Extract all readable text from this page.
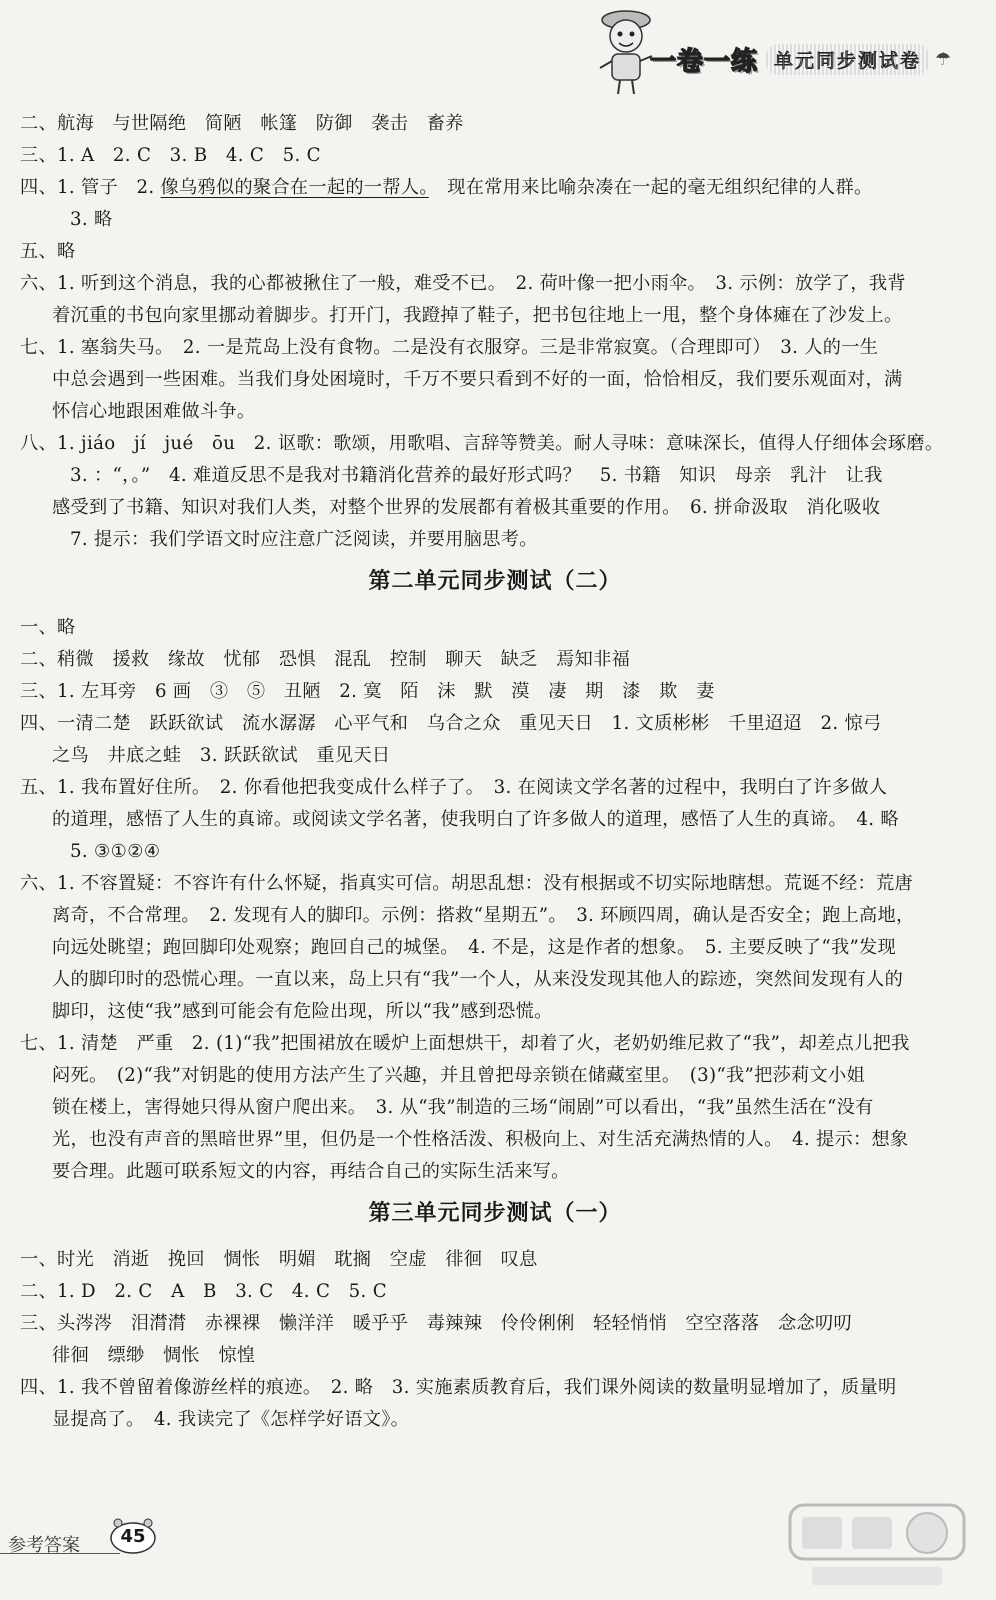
一卷一练 单元同步测试卷 ☂
二、航海　与世隔绝　简陋　帐篷　防御　袭击　畜养
三、1. A　2. C　3. B　4. C　5. C
四、1. 管子　2. 像乌鸦似的聚合在一起的一帮人。　现在常用来比喻杂凑在一起的毫无组织纪律的人群。
3. 略
五、略
六、1. 听到这个消息，我的心都被揪住了一般，难受不已。　2. 荷叶像一把小雨伞。　3. 示例：放学了，我背
着沉重的书包向家里挪动着脚步。打开门，我蹬掉了鞋子，把书包往地上一甩，整个身体瘫在了沙发上。
七、1. 塞翁失马。　2. 一是荒岛上没有食物。二是没有衣服穿。三是非常寂寞。（合理即可）　3. 人的一生
中总会遇到一些困难。当我们身处困境时，千万不要只看到不好的一面，恰恰相反，我们要乐观面对，满
怀信心地跟困难做斗争。
八、1. jiáo　jí　jué　ōu　2. 讴歌：歌颂，用歌唱、言辞等赞美。耐人寻味：意味深长，值得人仔细体会琢磨。
3. ：“，。”　4. 难道反思不是我对书籍消化营养的最好形式吗？　5. 书籍　知识　母亲　乳汁　让我
感受到了书籍、知识对我们人类，对整个世界的发展都有着极其重要的作用。　6. 拼命汲取　消化吸收
7. 提示：我们学语文时应注意广泛阅读，并要用脑思考。
第二单元同步测试（二）
一、略
二、稍微　援救　缘故　忧郁　恐惧　混乱　控制　聊天　缺乏　焉知非福
三、1. 左耳旁　6 画　③　⑤　丑陋　2. 寞　陌　沫　默　漠　凄　期　漆　欺　妻
四、一清二楚　跃跃欲试　流水潺潺　心平气和　乌合之众　重见天日　1. 文质彬彬　千里迢迢　2. 惊弓
之鸟　井底之蛙　3. 跃跃欲试　重见天日
五、1. 我布置好住所。　2. 你看他把我变成什么样子了。　3. 在阅读文学名著的过程中，我明白了许多做人
的道理，感悟了人生的真谛。或阅读文学名著，使我明白了许多做人的道理，感悟了人生的真谛。　4. 略
5. ③①②④
六、1. 不容置疑：不容许有什么怀疑，指真实可信。胡思乱想：没有根据或不切实际地瞎想。荒诞不经：荒唐
离奇，不合常理。　2. 发现有人的脚印。示例：搭救“星期五”。　3. 环顾四周，确认是否安全；跑上高地，
向远处眺望；跑回脚印处观察；跑回自己的城堡。　4. 不是，这是作者的想象。　5. 主要反映了“我”发现
人的脚印时的恐慌心理。一直以来，岛上只有“我”一个人，从来没发现其他人的踪迹，突然间发现有人的
脚印，这使“我”感到可能会有危险出现，所以“我”感到恐慌。
七、1. 清楚　严重　2. (1)“我”把围裙放在暖炉上面想烘干，却着了火，老奶奶维尼救了“我”，却差点儿把我
闷死。　(2)“我”对钥匙的使用方法产生了兴趣，并且曾把母亲锁在储藏室里。　(3)“我”把莎莉文小姐
锁在楼上，害得她只得从窗户爬出来。　3. 从“我”制造的三场“闹剧”可以看出，“我”虽然生活在“没有
光，也没有声音的黑暗世界”里，但仍是一个性格活泼、积极向上、对生活充满热情的人。　4. 提示：想象
要合理。此题可联系短文的内容，再结合自己的实际生活来写。
第三单元同步测试（一）
一、时光　消逝　挽回　惆怅　明媚　耽搁　空虚　徘徊　叹息
二、1. D　2. C　A　B　3. C　4. C　5. C
三、头涔涔　泪潸潸　赤裸裸　懒洋洋　暖乎乎　毒辣辣　伶伶俐俐　轻轻悄悄　空空落落　念念叨叨
徘徊　缥缈　惆怅　惊惶
四、1. 我不曾留着像游丝样的痕迹。　2. 略　3. 实施素质教育后，我们课外阅读的数量明显增加了，质量明
显提高了。　4. 我读完了《怎样学好语文》。
参考答案 45
